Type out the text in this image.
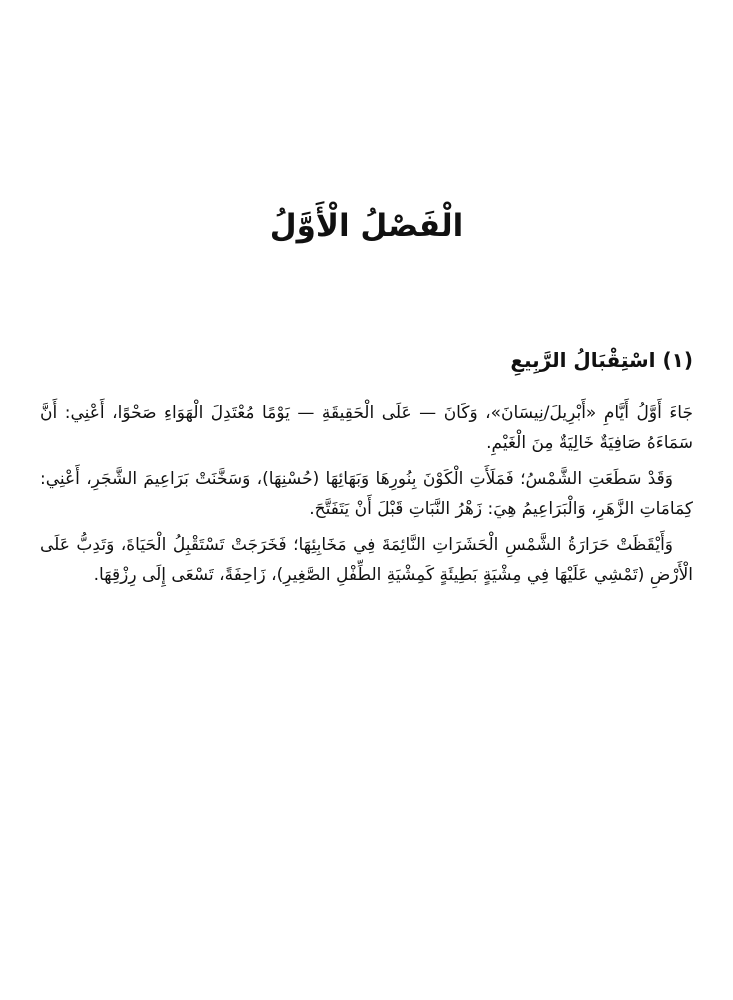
الْفَصْلُ الْأَوَّلُ
(١) اسْتِقْبَالُ الرَّبِيعِ

جَاءَ أَوَّلُ أَيَّامِ «أَبْرِيلَ/نِيسَانَ»، وَكَانَ — عَلَى الْحَقِيقَةِ — يَوْمًا مُعْتَدِلَ الْهَوَاءِ صَحْوًا، أَعْنِي: أَنَّ سَمَاءَهُ صَافِيَةٌ خَالِيَةٌ مِنَ الْغَيْمِ.

وَقَدْ سَطَعَتِ الشَّمْسُ؛ فَمَلَأَتِ الْكَوْنَ بِنُورِهَا وَبَهَائِهَا (حُسْنِهَا)، وَسَخَّنَتْ بَرَاعِيمَ الشَّجَرِ، أَعْنِي: كِمَامَاتِ الزَّهَرِ، وَالْبَرَاعِيمُ هِيَ: زَهْرُ النَّبَاتِ قَبْلَ أَنْ يَتَفَتَّحَ.

وَأَيْقَظَتْ حَرَارَةُ الشَّمْسِ الْحَشَرَاتِ النَّائِمَةَ فِي مَخَابِئِهَا؛ فَخَرَجَتْ تَسْتَقْبِلُ الْحَيَاةَ، وَتَدِبُّ عَلَى الْأَرْضِ (تَمْشِي عَلَيْهَا فِي مِشْيَةٍ بَطِيئَةٍ كَمِشْيَةِ الطِّفْلِ الصَّغِيرِ)، زَاحِفَةً، تَسْعَى إِلَى رِزْقِهَا.
